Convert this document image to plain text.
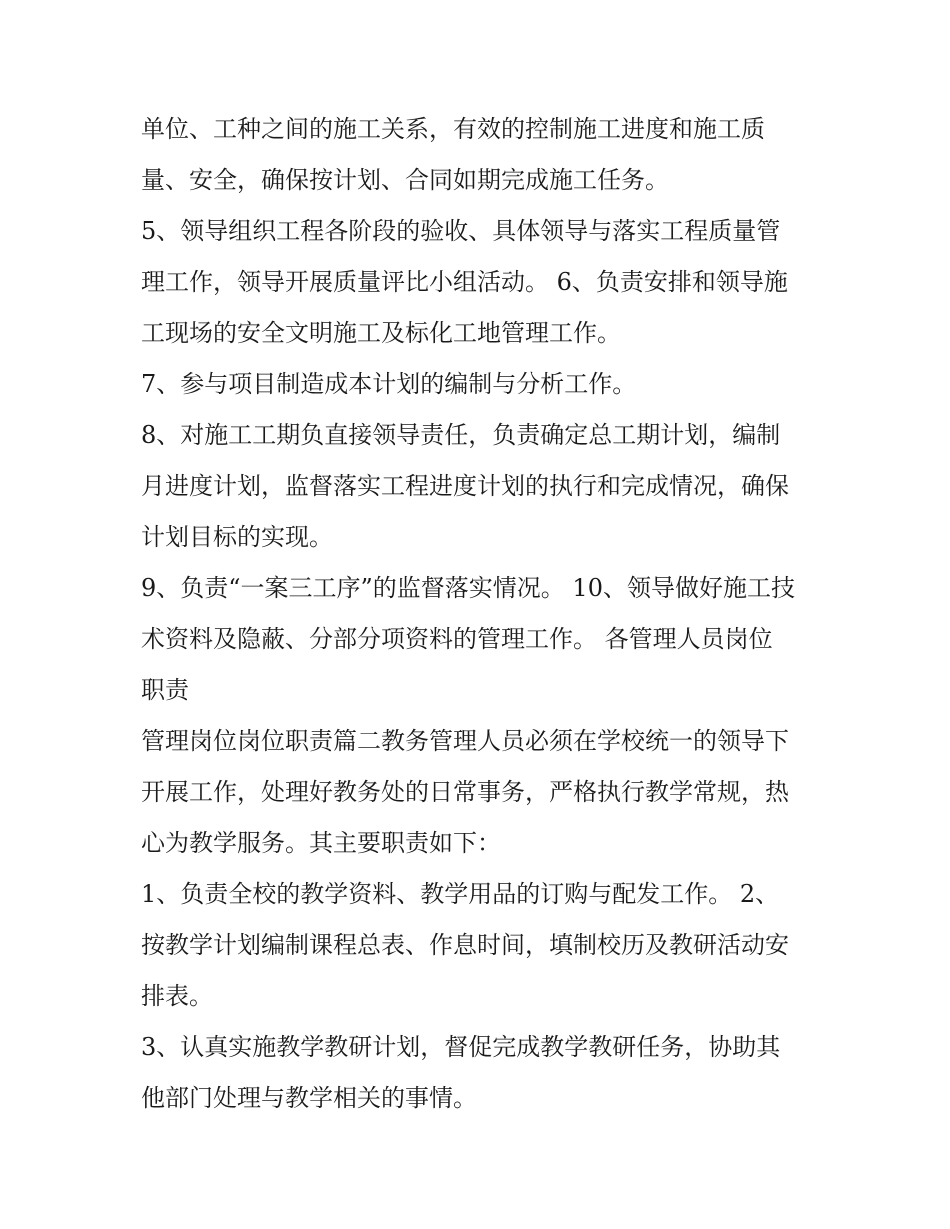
单位、工种之间的施工关系，有效的控制施工进度和施工质
量、安全，确保按计划、合同如期完成施工任务。
5、领导组织工程各阶段的验收、具体领导与落实工程质量管
理工作，领导开展质量评比小组活动。 6、负责安排和领导施
工现场的安全文明施工及标化工地管理工作。
7、参与项目制造成本计划的编制与分析工作。
8、对施工工期负直接领导责任，负责确定总工期计划，编制
月进度计划，监督落实工程进度计划的执行和完成情况，确保
计划目标的实现。
9、负责“一案三工序”的监督落实情况。 10、领导做好施工技
术资料及隐蔽、分部分项资料的管理工作。 各管理人员岗位
职责
管理岗位岗位职责篇二教务管理人员必须在学校统一的领导下
开展工作，处理好教务处的日常事务，严格执行教学常规，热
心为教学服务。其主要职责如下：
1、负责全校的教学资料、教学用品的订购与配发工作。 2、
按教学计划编制课程总表、作息时间，填制校历及教研活动安
排表。
3、认真实施教学教研计划，督促完成教学教研任务，协助其
他部门处理与教学相关的事情。
